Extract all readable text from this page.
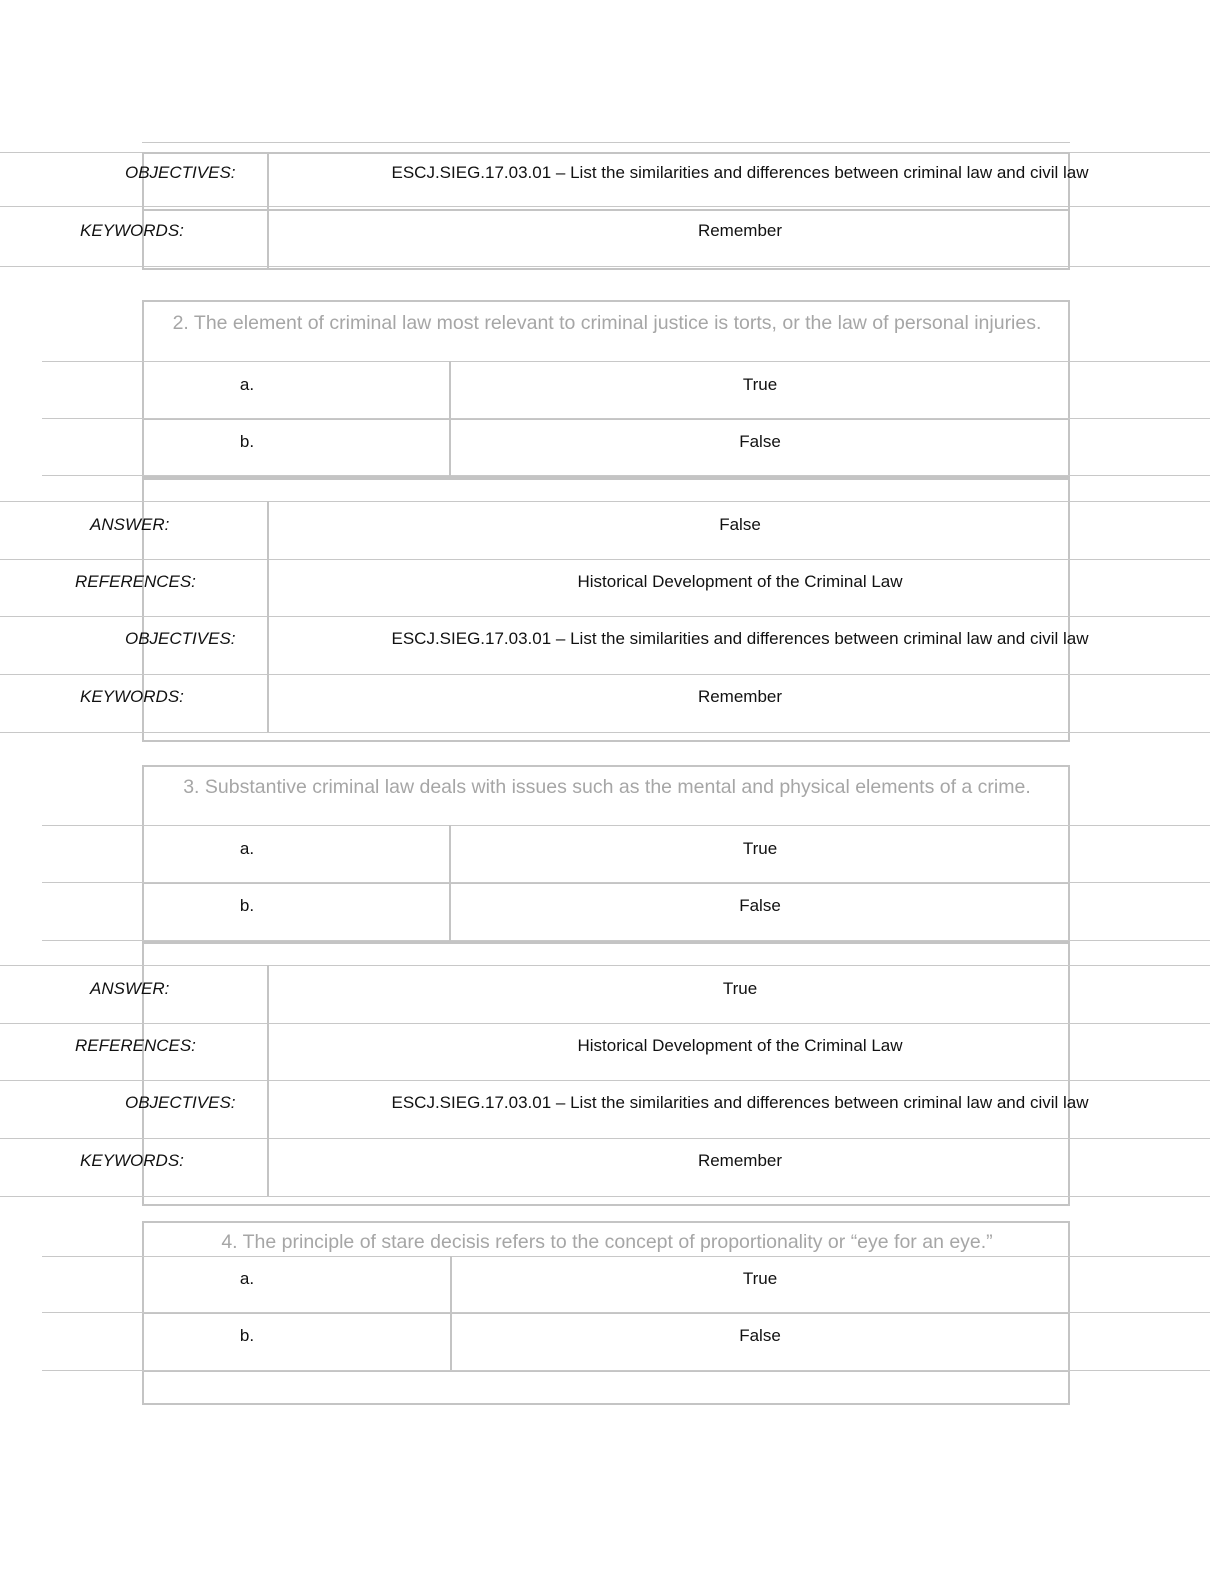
OBJECTIVES:	ESCJ.SIEG.17.03.01 – List the similarities and differences between criminal law and civil law
KEYWORDS:	Remember
2. The element of criminal law most relevant to criminal justice is torts, or the law of personal injuries.
a.	True
b.	False
ANSWER:	False
REFERENCES:	Historical Development of the Criminal Law
OBJECTIVES:	ESCJ.SIEG.17.03.01 – List the similarities and differences between criminal law and civil law
KEYWORDS:	Remember
3. Substantive criminal law deals with issues such as the mental and physical elements of a crime.
a.	True
b.	False
ANSWER:	True
REFERENCES:	Historical Development of the Criminal Law
OBJECTIVES:	ESCJ.SIEG.17.03.01 – List the similarities and differences between criminal law and civil law
KEYWORDS:	Remember
4. The principle of stare decisis refers to the concept of proportionality or “eye for an eye.”
a.	True
b.	False
